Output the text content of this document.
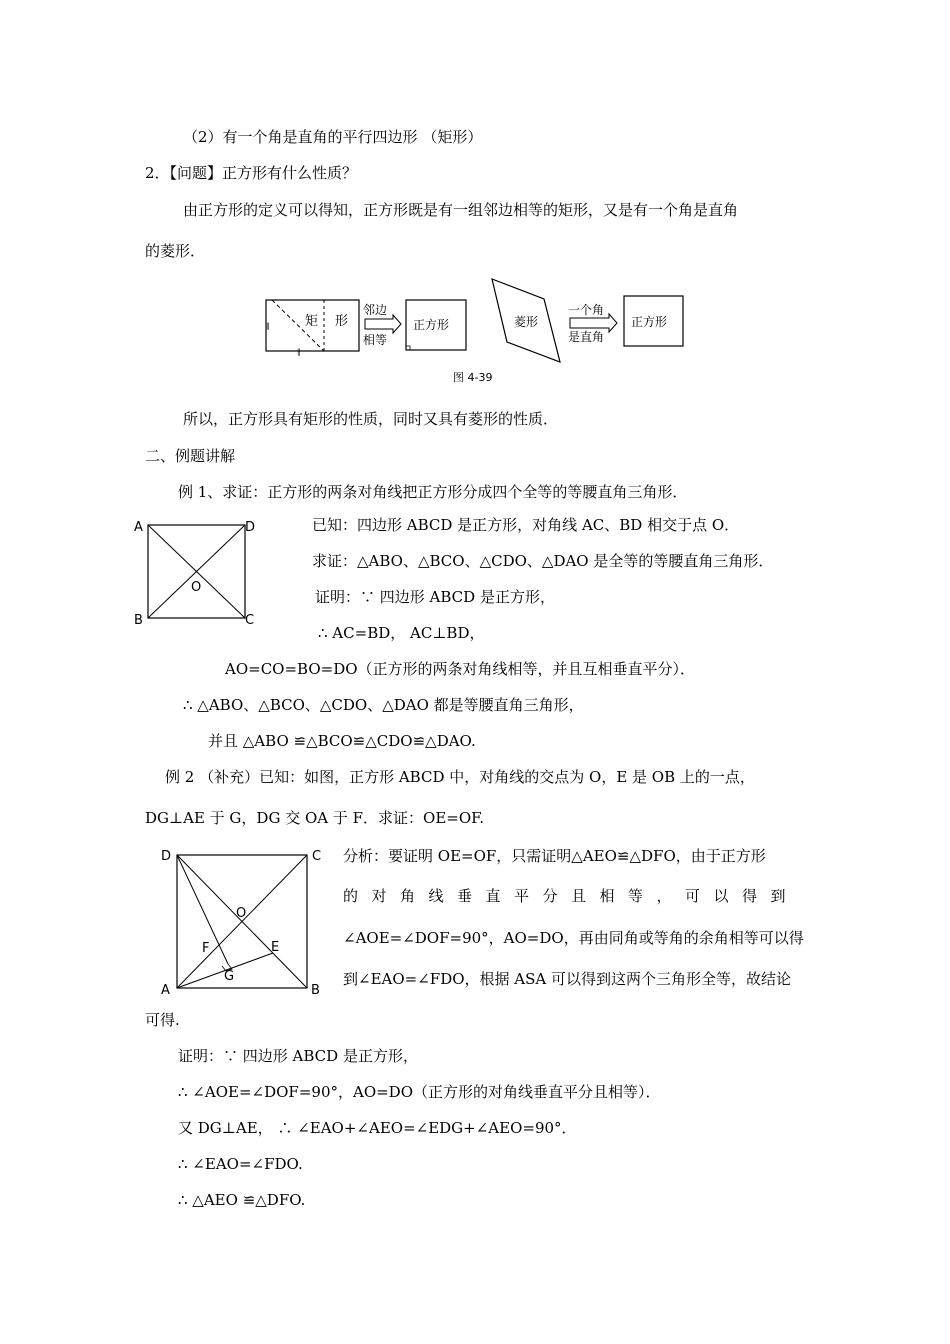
（2）有一个角是直角的平行四边形 （矩形）
2．【问题】正方形有什么性质？
由正方形的定义可以得知，正方形既是有一组邻边相等的矩形，又是有一个角是直角
的菱形．
‖
‖
矩 形
邻边
相等
正方形	菱形
一个角
是直角
正方形
图 4-39
所以，正方形具有矩形的性质，同时又具有菱形的性质．
二、例题讲解
例 1、求证：正方形的两条对角线把正方形分成四个全等的等腰直角三角形．
A	D
B	C
O
已知：四边形 ABCD 是正方形，对角线 AC、BD 相交于点 O．
求证：△ABO、△BCO、△CDO、△DAO 是全等的等腰直角三角形．
证明：∵ 四边形 ABCD 是正方形，
∴ AC=BD， AC⊥BD，
AO=CO=BO=DO（正方形的两条对角线相等，并且互相垂直平分）．
∴ △ABO、△BCO、△CDO、△DAO 都是等腰直角三角形，
并且 △ABO ≌△BCO≌△CDO≌△DAO.
例 2 （补充）已知：如图，正方形 ABCD 中，对角线的交点为 O，E 是 OB 上的一点，
DG⊥AE 于 G，DG 交 OA 于 F．求证：OE=OF.
D	C
A	B
O
F	E
G
分析：要证明 OE=OF，只需证明△AEO≌△DFO，由于正方形
的对角线垂直平分且相等，可以得到
∠AOE=∠DOF=90°，AO=DO，再由同角或等角的余角相等可以得
到∠EAO=∠FDO，根据 ASA 可以得到这两个三角形全等，故结论
可得.
证明：∵ 四边形 ABCD 是正方形，
∴ ∠AOE=∠DOF=90°，AO=DO（正方形的对角线垂直平分且相等）．
又 DG⊥AE， ∴ ∠EAO+∠AEO=∠EDG+∠AEO=90°．
∴ ∠EAO=∠FDO.
∴ △AEO ≌△DFO.
